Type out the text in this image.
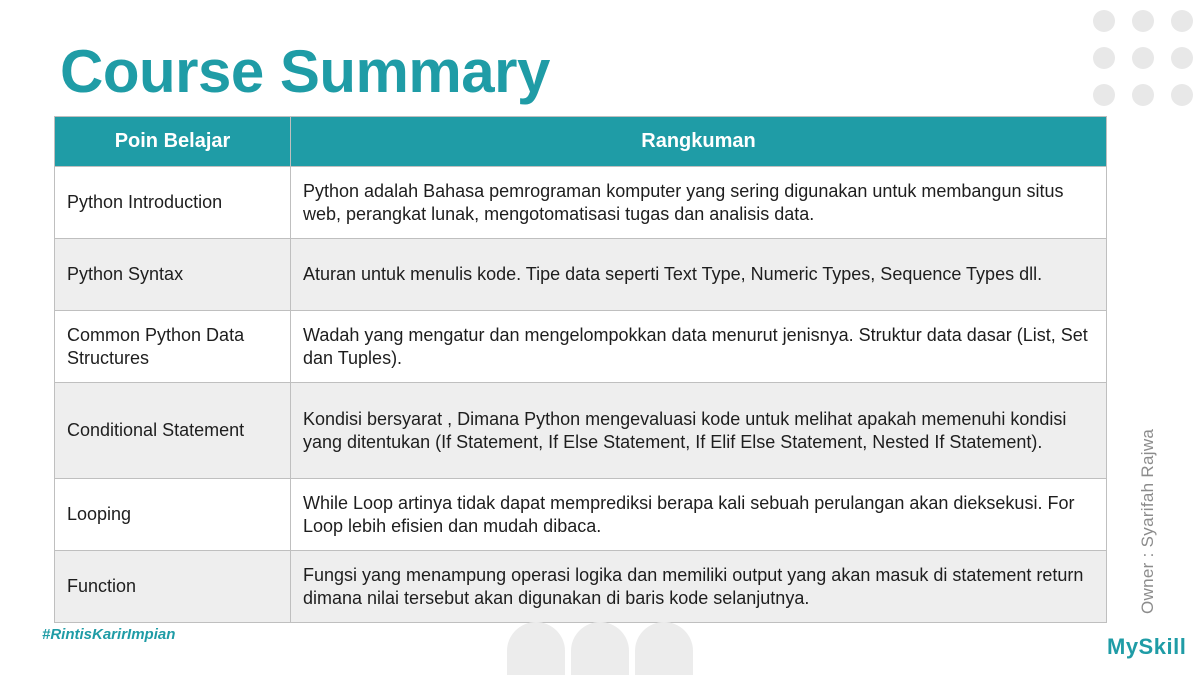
Course Summary
Poin Belajar	Rangkuman
Python Introduction	Python adalah Bahasa pemrograman komputer yang sering digunakan untuk membangun situs web, perangkat lunak, mengotomatisasi tugas dan analisis data.
Python Syntax	Aturan untuk menulis kode. Tipe data seperti Text Type, Numeric Types, Sequence Types dll.
Common Python Data Structures	Wadah yang mengatur dan mengelompokkan data menurut jenisnya. Struktur data dasar (List, Set dan Tuples).
Conditional Statement	Kondisi bersyarat , Dimana Python mengevaluasi kode untuk melihat apakah memenuhi kondisi yang ditentukan (If Statement, If Else Statement, If Elif Else Statement, Nested If Statement).
Looping	While Loop artinya tidak dapat memprediksi berapa kali sebuah perulangan akan dieksekusi. For Loop lebih efisien dan mudah dibaca.
Function	Fungsi yang menampung operasi logika dan memiliki output yang akan masuk di statement return dimana nilai tersebut akan digunakan di baris kode selanjutnya.	Owner : Syarifah Rajwa
#RintisKarirImpian	MySkill
